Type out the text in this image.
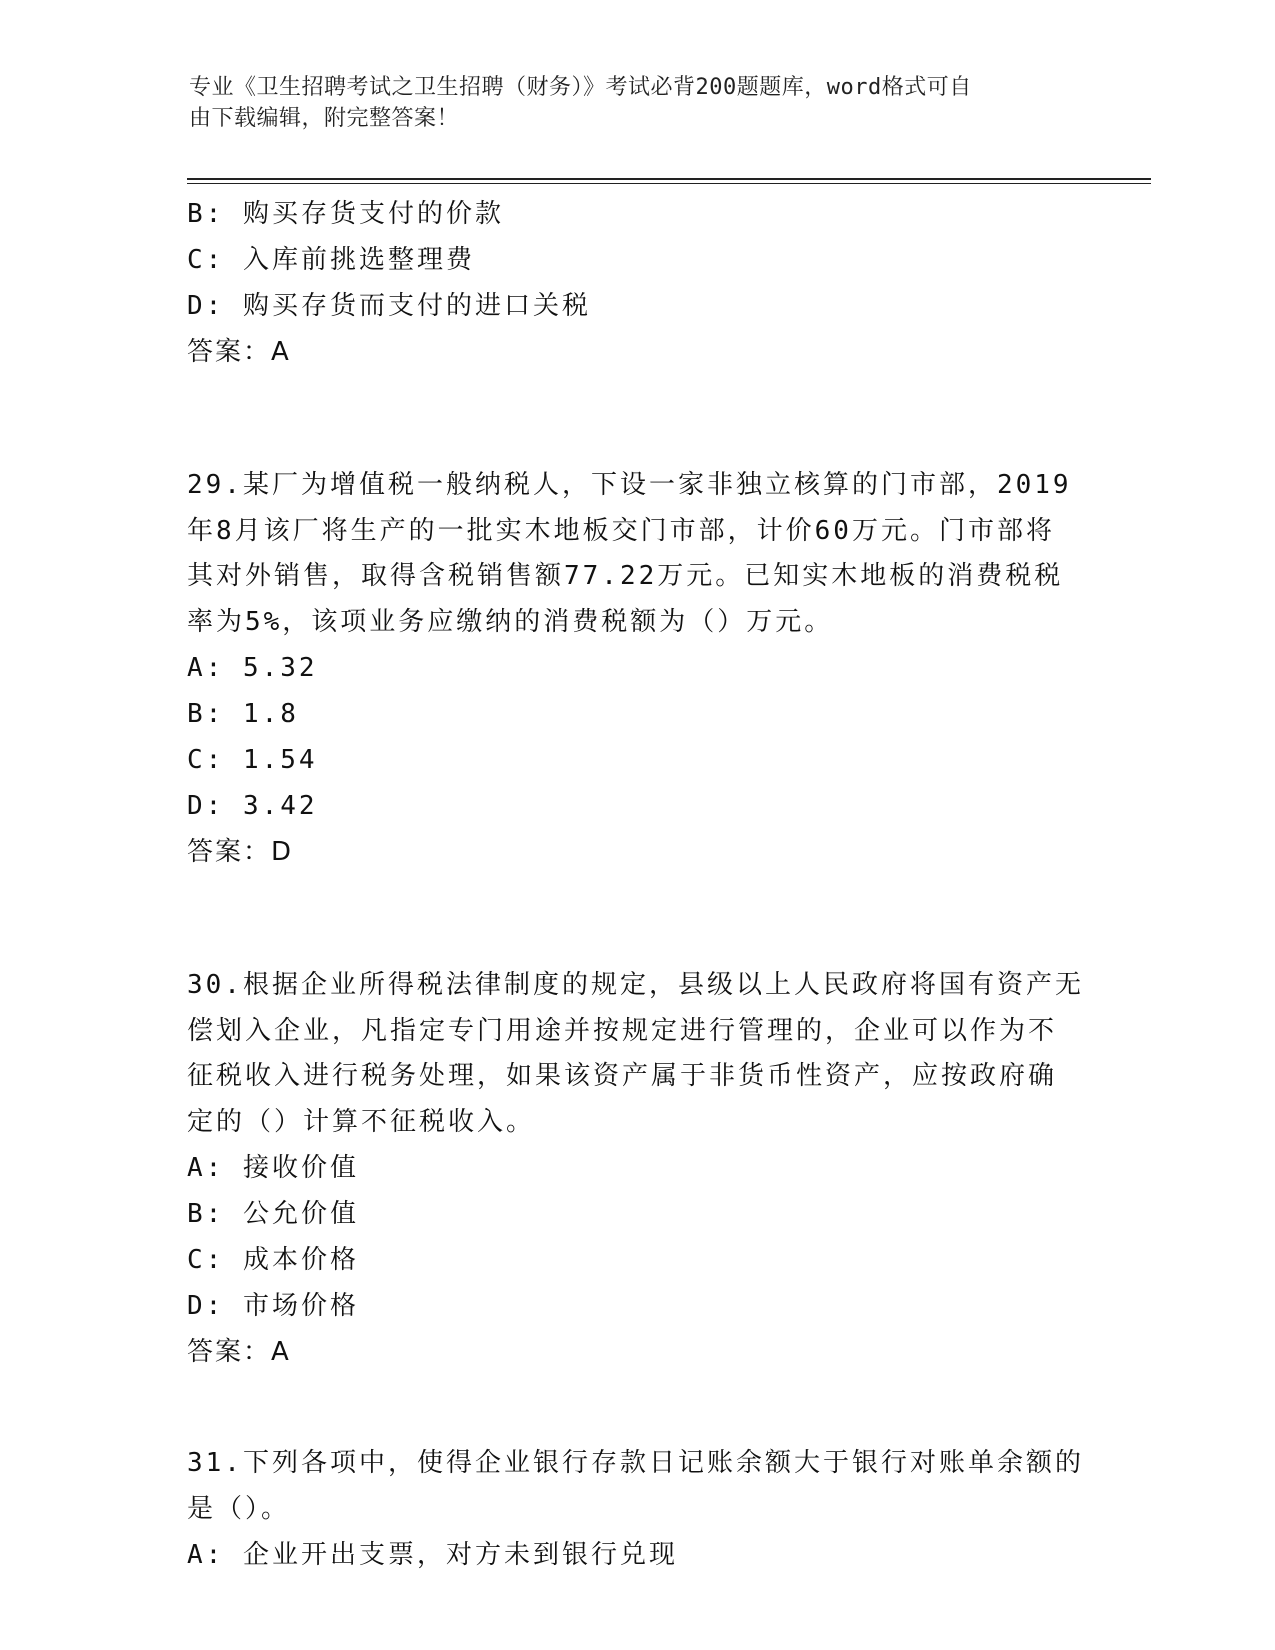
专业《卫生招聘考试之卫生招聘（财务）》考试必背200题题库，word格式可自
由下载编辑，附完整答案！
B: 购买存货支付的价款
C: 入库前挑选整理费
D: 购买存货而支付的进口关税
答案：A
29.某厂为增值税一般纳税人，下设一家非独立核算的门市部，2019
年8月该厂将生产的一批实木地板交门市部，计价60万元。门市部将
其对外销售，取得含税销售额77.22万元。已知实木地板的消费税税
率为5%，该项业务应缴纳的消费税额为（）万元。
A: 5.32
B: 1.8
C: 1.54
D: 3.42
答案：D
30.根据企业所得税法律制度的规定，县级以上人民政府将国有资产无
偿划入企业，凡指定专门用途并按规定进行管理的，企业可以作为不
征税收入进行税务处理，如果该资产属于非货币性资产，应按政府确
定的（）计算不征税收入。
A: 接收价值
B: 公允价值
C: 成本价格
D: 市场价格
答案：A
31.下列各项中，使得企业银行存款日记账余额大于银行对账单余额的
是（）。
A: 企业开出支票，对方未到银行兑现
